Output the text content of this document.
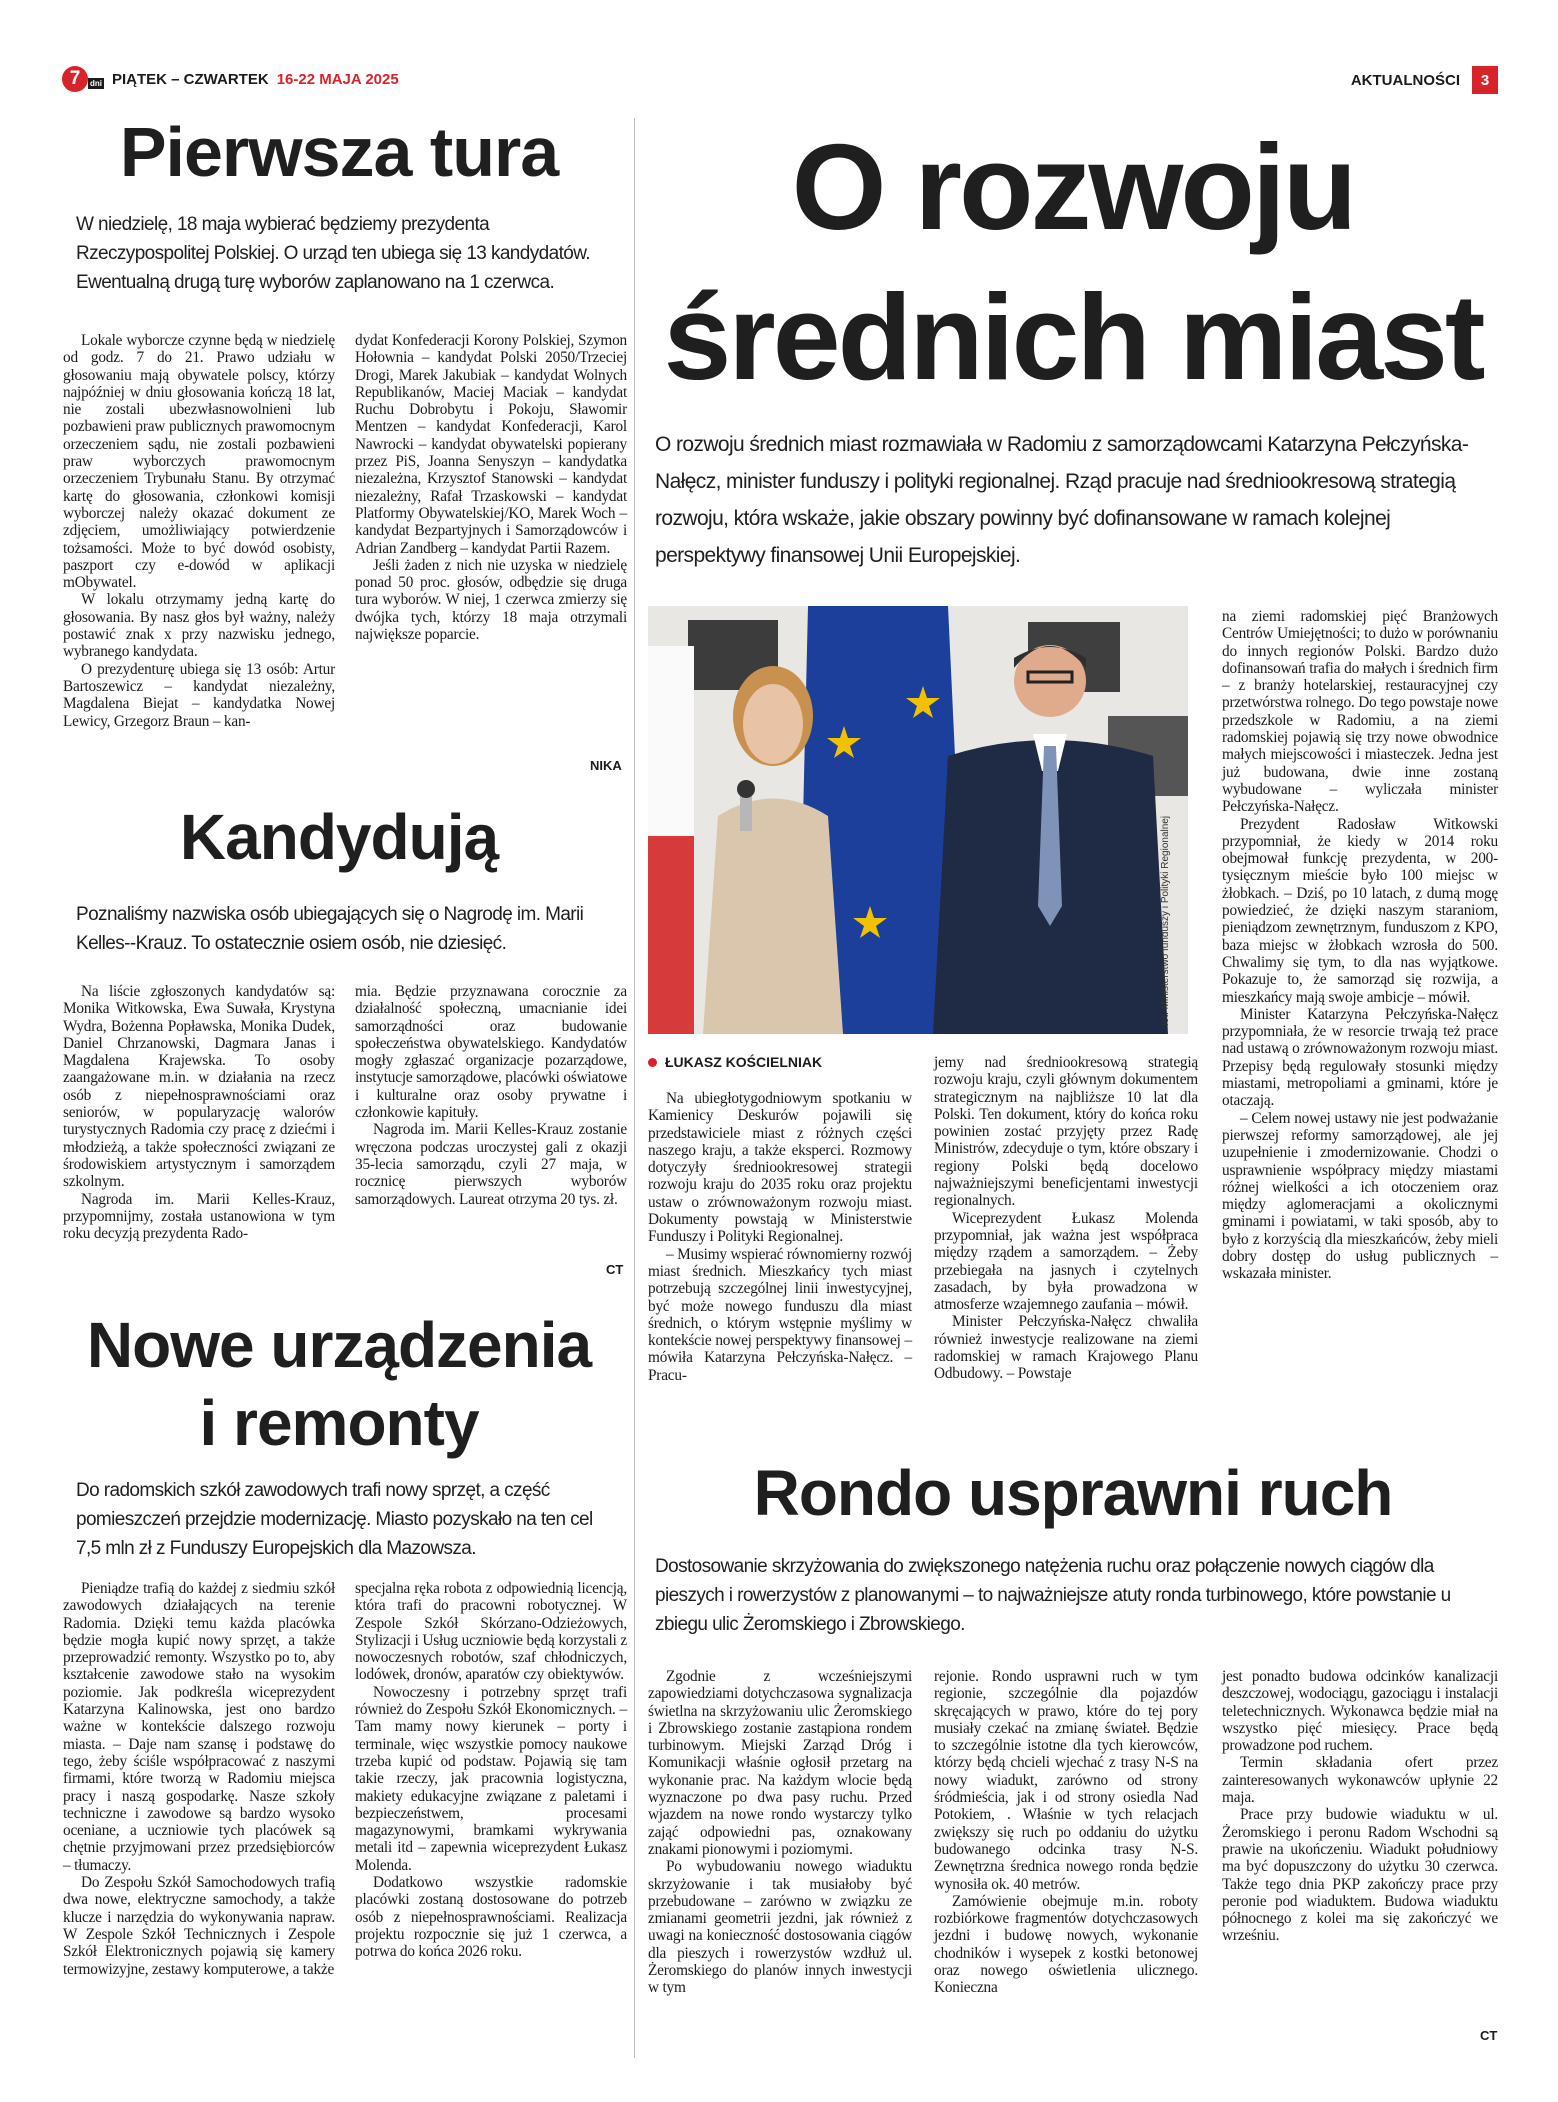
7	dni PIĄTEK – CZWARTEK 16-22 MAJA 2025	AKTUALNOŚCI	3
Pierwsza tura
W niedzielę, 18 maja wybierać będziemy prezydenta Rzeczypospolitej Polskiej. O urząd ten ubiega się 13 kandydatów. Ewentualną drugą turę wyborów zaplanowano na 1 czerwca.

Lokale wyborcze czynne będą w niedzielę od godz. 7 do 21. Prawo udziału w głosowaniu mają obywatele polscy, którzy najpóźniej w dniu głosowania kończą 18 lat, nie zostali ubezwłasnowolnieni lub pozbawieni praw publicznych prawomocnym orzeczeniem sądu, nie zostali pozbawieni praw wyborczych prawomocnym orzeczeniem Trybunału Stanu. By otrzymać kartę do głosowania, członkowi komisji wyborczej należy okazać dokument ze zdjęciem, umożliwiający potwierdzenie tożsamości. Może to być dowód osobisty, paszport czy e-dowód w aplikacji mObywatel.

W lokalu otrzymamy jedną kartę do głosowania. By nasz głos był ważny, należy postawić znak x przy nazwisku jednego, wybranego kandydata.

O prezydenturę ubiega się 13 osób: Artur Bartoszewicz – kandydat niezależny, Magdalena Biejat – kandydatka Nowej Lewicy, Grzegorz Braun – kan-

dydat Konfederacji Korony Polskiej, Szymon Hołownia – kandydat Polski 2050/Trzeciej Drogi, Marek Jakubiak – kandydat Wolnych Republikanów, Maciej Maciak – kandydat Ruchu Dobrobytu i Pokoju, Sławomir Mentzen – kandydat Konfederacji, Karol Nawrocki – kandydat obywatelski popierany przez PiS, Joanna Senyszyn – kandydatka niezależna, Krzysztof Stanowski – kandydat niezależny, Rafał Trzaskowski – kandydat Platformy Obywatelskiej/KO, Marek Woch – kandydat Bezpartyjnych i Samorządowców i Adrian Zandberg – kandydat Partii Razem.

Jeśli żaden z nich nie uzyska w niedzielę ponad 50 proc. głosów, odbędzie się druga tura wyborów. W niej, 1 czerwca zmierzy się dwójka tych, którzy 18 maja otrzymali największe poparcie.

NIKA
Kandydują
Poznaliśmy nazwiska osób ubiegających się o Nagrodę im. Marii Kelles--Krauz. To ostatecznie osiem osób, nie dziesięć.

Na liście zgłoszonych kandydatów są: Monika Witkowska, Ewa Suwała, Krystyna Wydra, Bożenna Popławska, Monika Dudek, Daniel Chrzanowski, Dagmara Janas i Magdalena Krajewska. To osoby zaangażowane m.in. w działania na rzecz osób z niepełnosprawnościami oraz seniorów, w popularyzację walorów turystycznych Radomia czy pracę z dziećmi i młodzieżą, a także społeczności związani ze środowiskiem artystycznym i samorządem szkolnym.

Nagroda im. Marii Kelles-Krauz, przypomnijmy, została ustanowiona w tym roku decyzją prezydenta Rado-

mia. Będzie przyznawana corocznie za działalność społeczną, umacnianie idei samorządności oraz budowanie społeczeństwa obywatelskiego. Kandydatów mogły zgłaszać organizacje pozarządowe, instytucje samorządowe, placówki oświatowe i kulturalne oraz osoby prywatne i członkowie kapituły.

Nagroda im. Marii Kelles-Krauz zostanie wręczona podczas uroczystej gali z okazji 35-lecia samorządu, czyli 27 maja, w rocznicę pierwszych wyborów samorządowych. Laureat otrzyma 20 tys. zł.

CT
Nowe urządzenia
i remonty
Do radomskich szkół zawodowych trafi nowy sprzęt, a część pomieszczeń przejdzie modernizację. Miasto pozyskało na ten cel 7,5 mln zł z Funduszy Europejskich dla Mazowsza.

Pieniądze trafią do każdej z siedmiu szkół zawodowych działających na terenie Radomia. Dzięki temu każda placówka będzie mogła kupić nowy sprzęt, a także przeprowadzić remonty. Wszystko po to, aby kształcenie zawodowe stało na wysokim poziomie. Jak podkreśla wiceprezydent Katarzyna Kalinowska, jest ono bardzo ważne w kontekście dalszego rozwoju miasta. – Daje nam szansę i podstawę do tego, żeby ściśle współpracować z naszymi firmami, które tworzą w Radomiu miejsca pracy i naszą gospodarkę. Nasze szkoły techniczne i zawodowe są bardzo wysoko oceniane, a uczniowie tych placówek są chętnie przyjmowani przez przedsiębiorców – tłumaczy.

Do Zespołu Szkół Samochodowych trafią dwa nowe, elektryczne samochody, a także klucze i narzędzia do wykonywania napraw. W Zespole Szkół Technicznych i Zespole Szkół Elektronicznych pojawią się kamery termowizyjne, zestawy komputerowe, a także

specjalna ręka robota z odpowiednią licencją, która trafi do pracowni robotycznej. W Zespole Szkół Skórzano-Odzieżowych, Stylizacji i Usług uczniowie będą korzystali z nowoczesnych robotów, szaf chłodniczych, lodówek, dronów, aparatów czy obiektywów.

Nowoczesny i potrzebny sprzęt trafi również do Zespołu Szkół Ekonomicznych. – Tam mamy nowy kierunek – porty i terminale, więc wszystkie pomocy naukowe trzeba kupić od podstaw. Pojawią się tam takie rzeczy, jak pracownia logistyczna, makiety edukacyjne związane z paletami i bezpieczeństwem, procesami magazynowymi, bramkami wykrywania metali itd – zapewnia wiceprezydent Łukasz Molenda.

Dodatkowo wszystkie radomskie placówki zostaną dostosowane do potrzeb osób z niepełnosprawnościami. Realizacja projektu rozpocznie się już 1 czerwca, a potrwa do końca 2026 roku.

O rozwoju
średnich miast
O rozwoju średnich miast rozmawiała w Radomiu z samorządowcami Katarzyna Pełczyńska-Nałęcz, minister funduszy i polityki regionalnej. Rząd pracuje nad średniookresową strategią rozwoju, która wskaże, jakie obszary powinny być dofinansowane w ramach kolejnej perspektywy finansowej Unii Europejskiej.
fot. Ministerstwo funduszy i Polityki Regionalnej
ŁUKASZ KOŚCIELNIAK

Na ubiegłotygodniowym spotkaniu w Kamienicy Deskurów pojawili się przedstawiciele miast z różnych części naszego kraju, a także eksperci. Rozmowy dotyczyły średniookresowej strategii rozwoju kraju do 2035 roku oraz projektu ustaw o zrównoważonym rozwoju miast. Dokumenty powstają w Ministerstwie Funduszy i Polityki Regionalnej.

– Musimy wspierać równomierny rozwój miast średnich. Mieszkańcy tych miast potrzebują szczególnej linii inwestycyjnej, być może nowego funduszu dla miast średnich, o którym wstępnie myślimy w kontekście nowej perspektywy finansowej – mówiła Katarzyna Pełczyńska-Nałęcz. – Pracu-

jemy nad średniookresową strategią rozwoju kraju, czyli głównym dokumentem strategicznym na najbliższe 10 lat dla Polski. Ten dokument, który do końca roku powinien zostać przyjęty przez Radę Ministrów, zdecyduje o tym, które obszary i regiony Polski będą docelowo najważniejszymi beneficjentami inwestycji regionalnych.

Wiceprezydent Łukasz Molenda przypomniał, jak ważna jest współpraca między rządem a samorządem. – Żeby przebiegała na jasnych i czytelnych zasadach, by była prowadzona w atmosferze wzajemnego zaufania – mówił.

Minister Pełczyńska-Nałęcz chwaliła również inwestycje realizowane na ziemi radomskiej w ramach Krajowego Planu Odbudowy. – Powstaje

na ziemi radomskiej pięć Branżowych Centrów Umiejętności; to dużo w porównaniu do innych regionów Polski. Bardzo dużo dofinansowań trafia do małych i średnich firm – z branży hotelarskiej, restauracyjnej czy przetwórstwa rolnego. Do tego powstaje nowe przedszkole w Radomiu, a na ziemi radomskiej pojawią się trzy nowe obwodnice małych miejscowości i miasteczek. Jedna jest już budowana, dwie inne zostaną wybudowane – wyliczała minister Pełczyńska-Nałęcz.

Prezydent Radosław Witkowski przypomniał, że kiedy w 2014 roku obejmował funkcję prezydenta, w 200-tysięcznym mieście było 100 miejsc w żłobkach. – Dziś, po 10 latach, z dumą mogę powiedzieć, że dzięki naszym staraniom, pieniądzom zewnętrznym, funduszom z KPO, baza miejsc w żłobkach wzrosła do 500. Chwalimy się tym, to dla nas wyjątkowe. Pokazuje to, że samorząd się rozwija, a mieszkańcy mają swoje ambicje – mówił.

Minister Katarzyna Pełczyńska-Nałęcz przypomniała, że w resorcie trwają też prace nad ustawą o zrównoważonym rozwoju miast. Przepisy będą regulowały stosunki między miastami, metropoliami a gminami, które je otaczają.

– Celem nowej ustawy nie jest podważanie pierwszej reformy samorządowej, ale jej uzupełnienie i zmodernizowanie. Chodzi o usprawnienie współpracy między miastami różnej wielkości a ich otoczeniem oraz między aglomeracjami a okolicznymi gminami i powiatami, w taki sposób, aby to było z korzyścią dla mieszkańców, żeby mieli dobry dostęp do usług publicznych – wskazała minister.

Rondo usprawni ruch
Dostosowanie skrzyżowania do zwiększonego natężenia ruchu oraz połączenie nowych ciągów dla pieszych i rowerzystów z planowanymi – to najważniejsze atuty ronda turbinowego, które powstanie u zbiegu ulic Żeromskiego i Zbrowskiego.

Zgodnie z wcześniejszymi zapowiedziami dotychczasowa sygnalizacja świetlna na skrzyżowaniu ulic Żeromskiego i Zbrowskiego zostanie zastąpiona rondem turbinowym. Miejski Zarząd Dróg i Komunikacji właśnie ogłosił przetarg na wykonanie prac. Na każdym wlocie będą wyznaczone po dwa pasy ruchu. Przed wjazdem na nowe rondo wystarczy tylko zająć odpowiedni pas, oznakowany znakami pionowymi i poziomymi.

Po wybudowaniu nowego wiaduktu skrzyżowanie i tak musiałoby być przebudowane – zarówno w związku ze zmianami geometrii jezdni, jak również z uwagi na konieczność dostosowania ciągów dla pieszych i rowerzystów wzdłuż ul. Żeromskiego do planów innych inwestycji w tym

rejonie. Rondo usprawni ruch w tym regionie, szczególnie dla pojazdów skręcających w prawo, które do tej pory musiały czekać na zmianę świateł. Będzie to szczególnie istotne dla tych kierowców, którzy będą chcieli wjechać z trasy N-S na nowy wiadukt, zarówno od strony śródmieścia, jak i od strony osiedla Nad Potokiem, . Właśnie w tych relacjach zwiększy się ruch po oddaniu do użytku budowanego odcinka trasy N-S. Zewnętrzna średnica nowego ronda będzie wynosiła ok. 40 metrów.

Zamówienie obejmuje m.in. roboty rozbiórkowe fragmentów dotychczasowych jezdni i budowę nowych, wykonanie chodników i wysepek z kostki betonowej oraz nowego oświetlenia ulicznego. Konieczna

jest ponadto budowa odcinków kanalizacji deszczowej, wodociągu, gazociągu i instalacji teletechnicznych. Wykonawca będzie miał na wszystko pięć miesięcy. Prace będą prowadzone pod ruchem.

Termin składania ofert przez zainteresowanych wykonawców upłynie 22 maja.

Prace przy budowie wiaduktu w ul. Żeromskiego i peronu Radom Wschodni są prawie na ukończeniu. Wiadukt południowy ma być dopuszczony do użytku 30 czerwca. Także tego dnia PKP zakończy prace przy peronie pod wiaduktem. Budowa wiaduktu północnego z kolei ma się zakończyć we wrześniu.

CT
